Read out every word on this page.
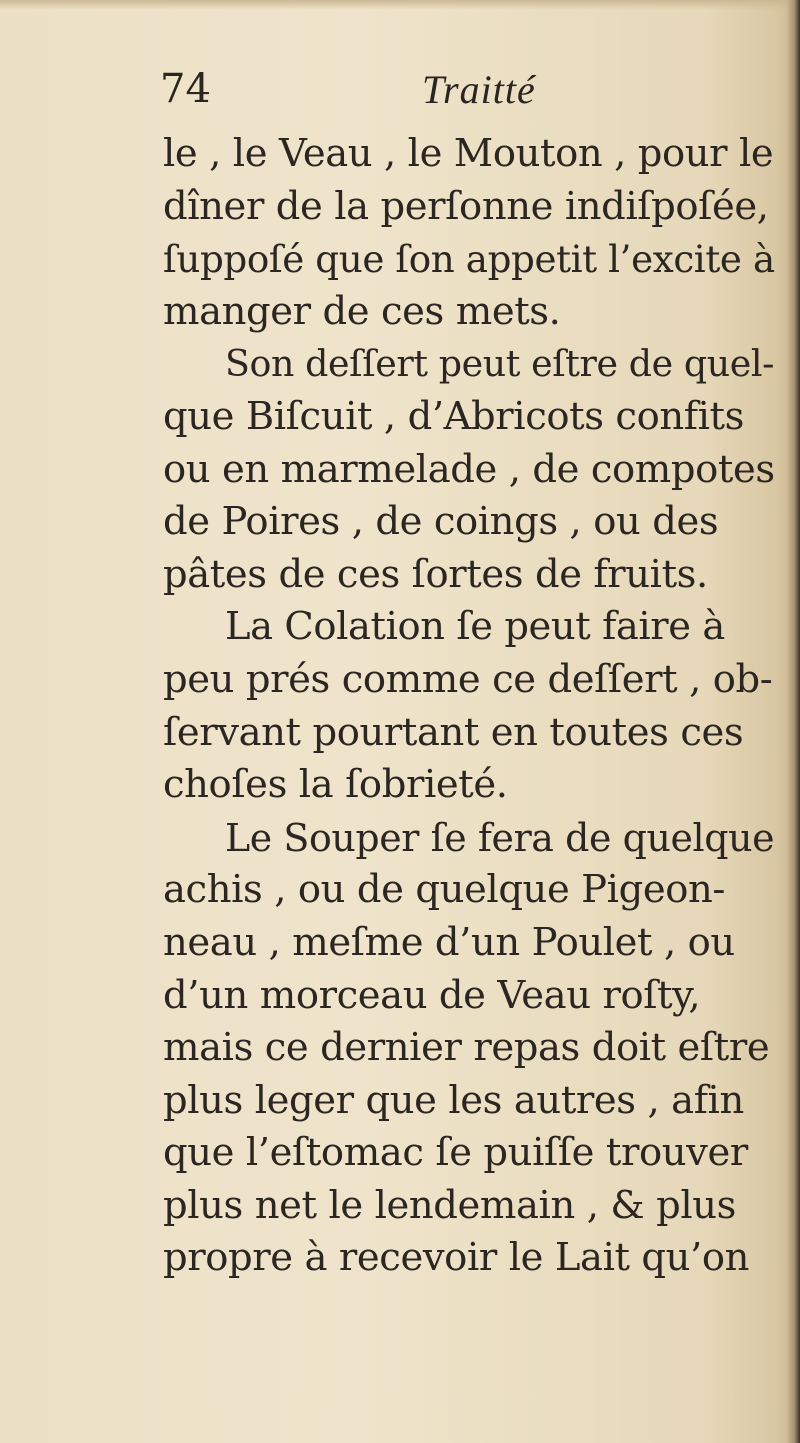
74	Traitté
le , le Veau , le Mouton , pour le
dîner de la perſonne indiſpoſée,
ſuppoſé que ſon appetit l’excite à
manger de ces mets.
Son deſſert peut eſtre de quel-
que Biſcuit , d’Abricots confits
ou en marmelade , de compotes
de Poires , de coings , ou des
pâtes de ces ſortes de fruits.
La Colation ſe peut faire à
peu prés comme ce deſſert , ob-
ſervant pourtant en toutes ces
choſes la ſobrieté.
Le Souper ſe fera de quelque
achis , ou de quelque Pigeon-
neau , meſme d’un Poulet , ou
d’un morceau de Veau roſty,
mais ce dernier repas doit eſtre
plus leger que les autres , afin
que l’eſtomac ſe puiſſe trouver
plus net le lendemain , & plus
propre à recevoir le Lait qu’on
